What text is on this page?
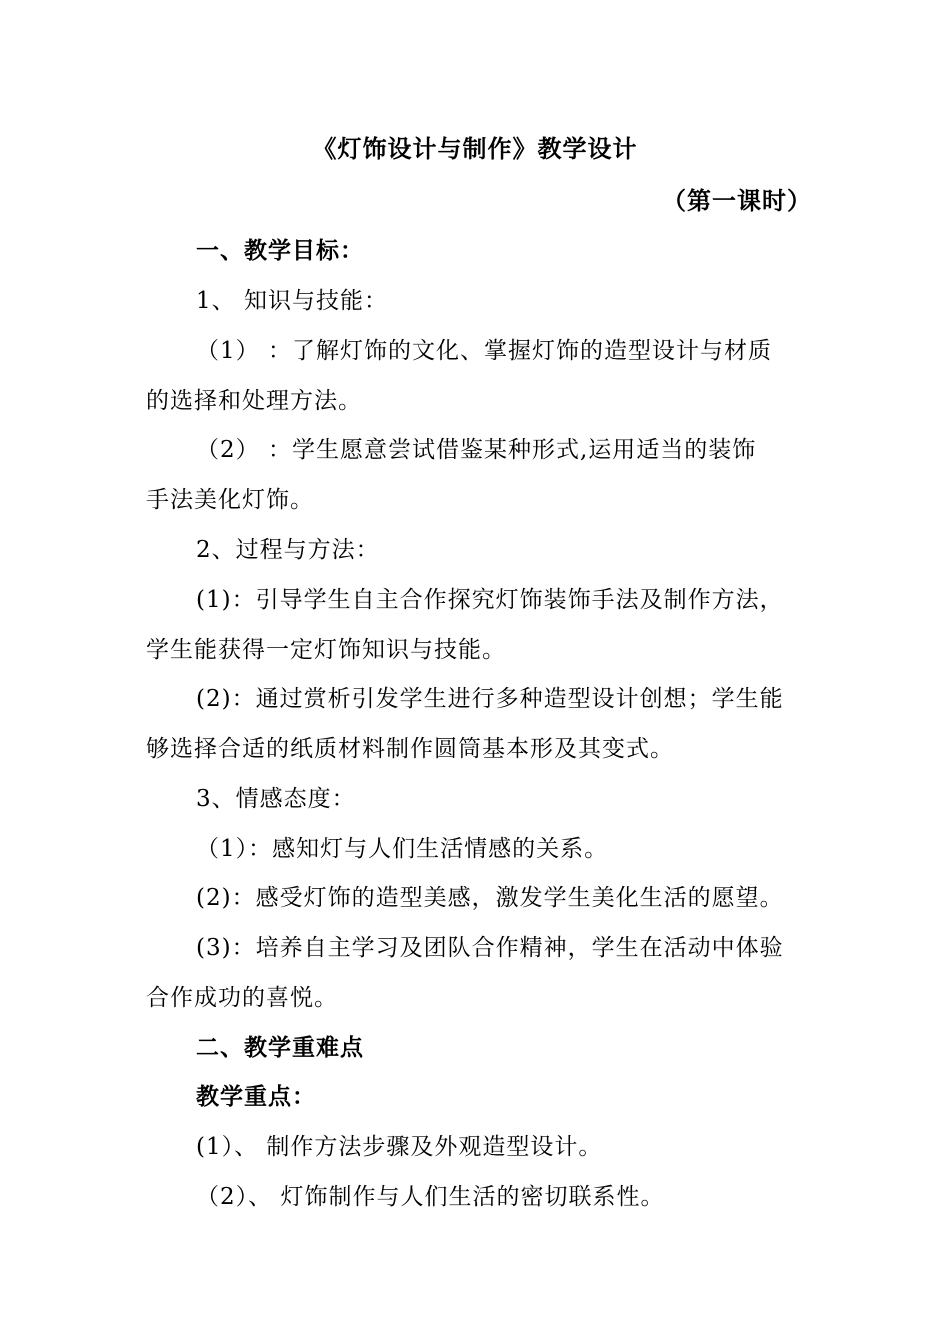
《灯饰设计与制作》教学设计
（第一课时）
一、教学目标：
1、 知识与技能：
（1） ：了解灯饰的文化、掌握灯饰的造型设计与材质
的选择和处理方法。
（2） ：学生愿意尝试借鉴某种形式,运用适当的装饰
手法美化灯饰。
2、过程与方法：
(1)：引导学生自主合作探究灯饰装饰手法及制作方法，
学生能获得一定灯饰知识与技能。
(2)：通过赏析引发学生进行多种造型设计创想；学生能
够选择合适的纸质材料制作圆筒基本形及其变式。
3、情感态度：
（1）：感知灯与人们生活情感的关系。
(2)：感受灯饰的造型美感，激发学生美化生活的愿望。
(3)：培养自主学习及团队合作精神，学生在活动中体验
合作成功的喜悦。
二、教学重难点
教学重点：
(1）、 制作方法步骤及外观造型设计。
（2）、 灯饰制作与人们生活的密切联系性。
